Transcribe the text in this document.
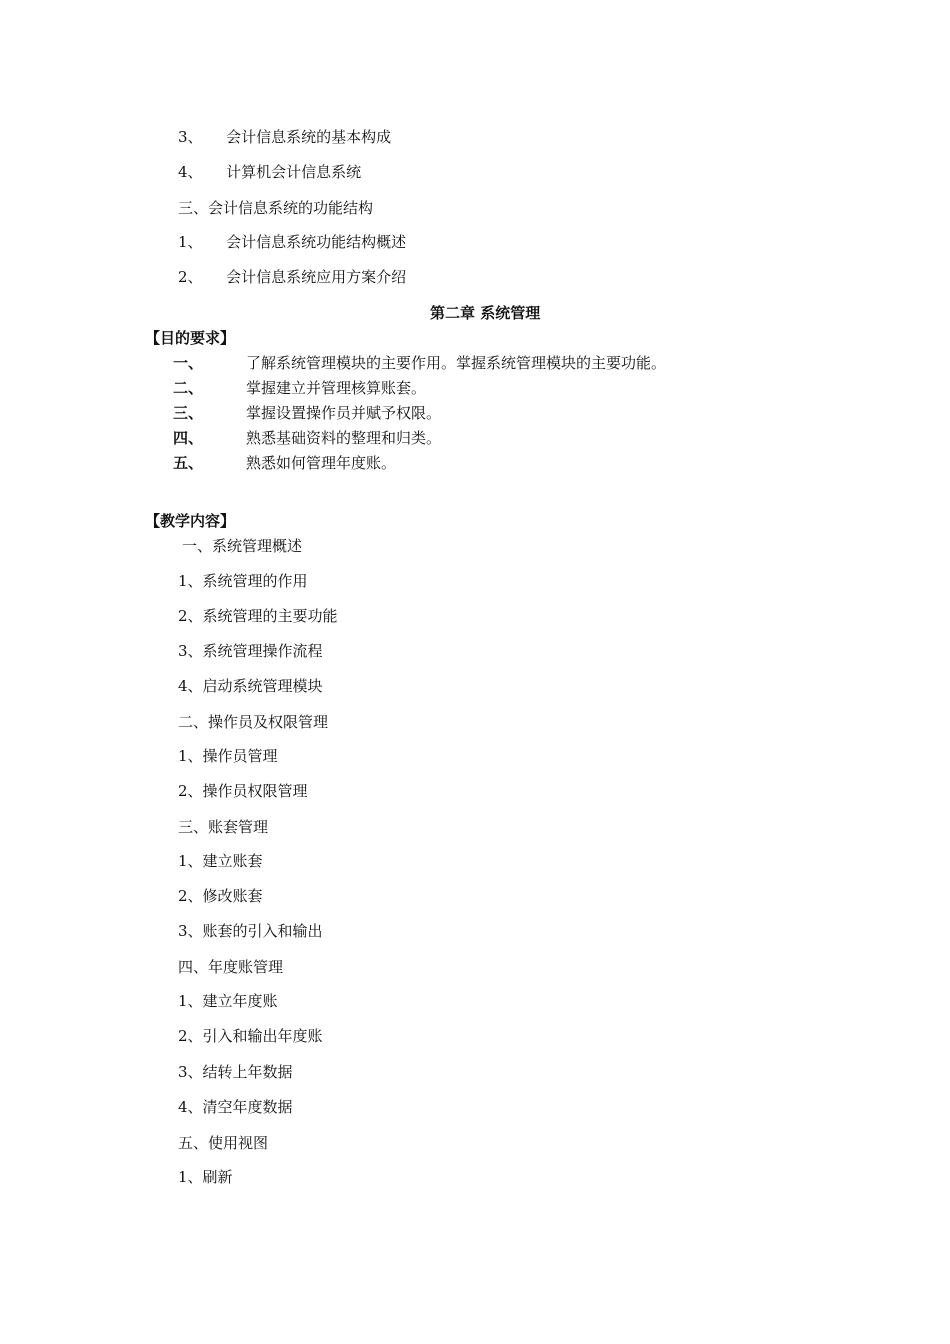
3、 会计信息系统的基本构成
4、 计算机会计信息系统
三、会计信息系统的功能结构
1、 会计信息系统功能结构概述
2、 会计信息系统应用方案介绍
第二章 系统管理
【目的要求】
一、	了解系统管理模块的主要作用。掌握系统管理模块的主要功能。
二、	掌握建立并管理核算账套。
三、	掌握设置操作员并赋予权限。
四、	熟悉基础资料的整理和归类。
五、	熟悉如何管理年度账。
【教学内容】
一、系统管理概述
1、系统管理的作用
2、系统管理的主要功能
3、系统管理操作流程
4、启动系统管理模块
二、操作员及权限管理
1、操作员管理
2、操作员权限管理
三、账套管理
1、建立账套
2、修改账套
3、账套的引入和输出
四、年度账管理
1、建立年度账
2、引入和输出年度账
3、结转上年数据
4、清空年度数据
五、使用视图
1、刷新
